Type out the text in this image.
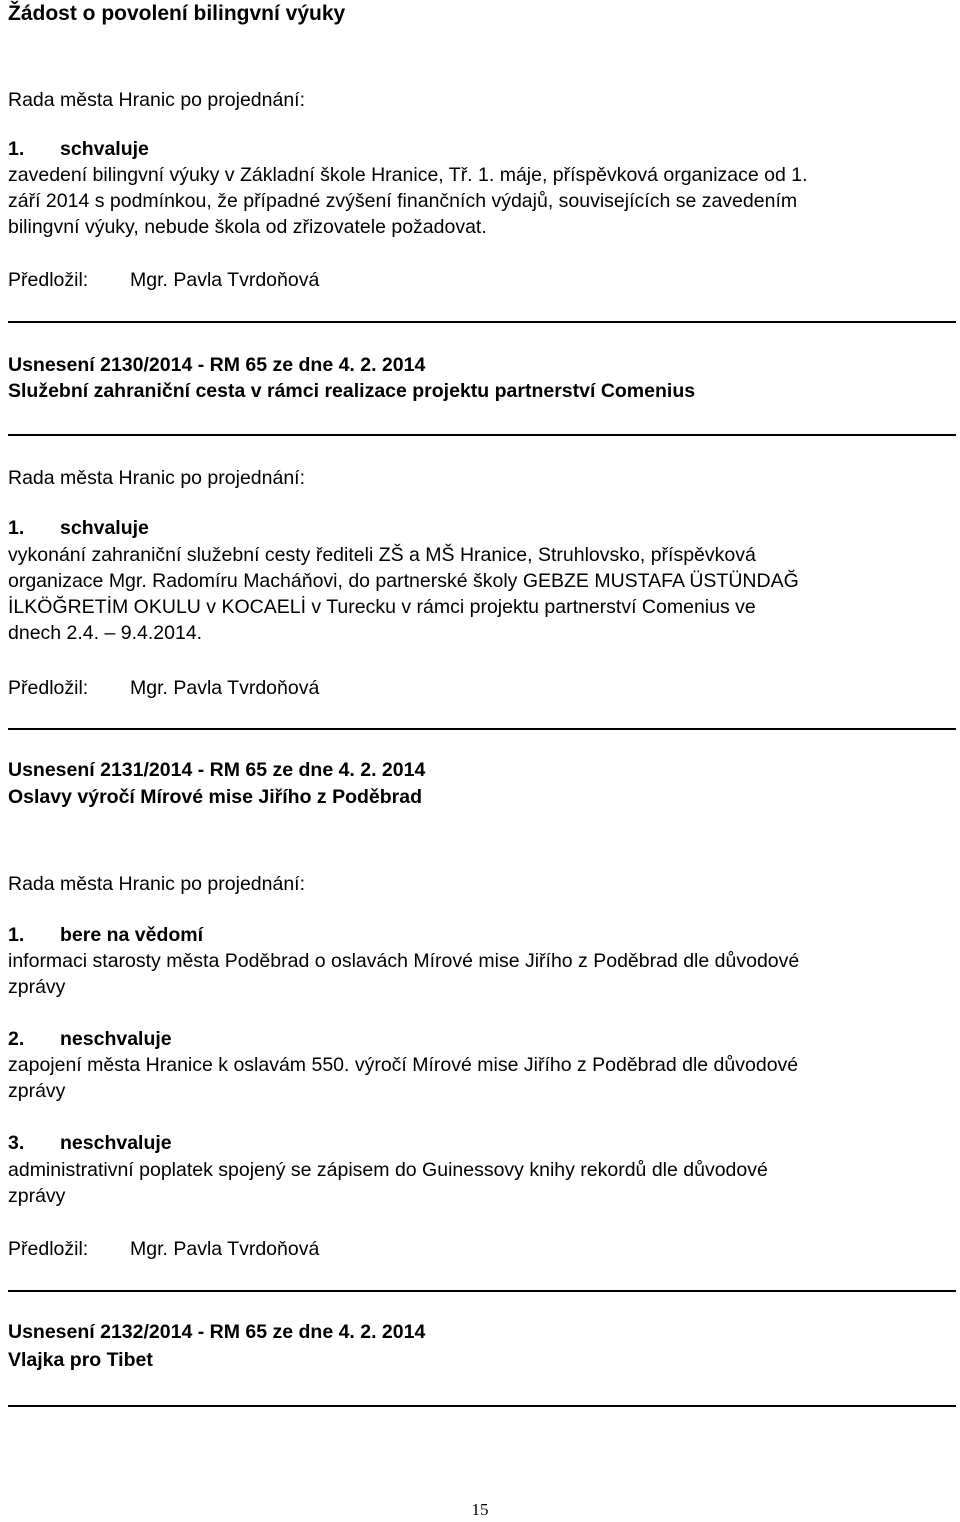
Žádost o povolení bilingvní výuky
Rada města Hranic po projednání:
1. schvaluje
zavedení bilingvní výuky v Základní škole Hranice, Tř. 1. máje, příspěvková organizace od 1.
září 2014 s podmínkou, že případné zvýšení finančních výdajů, souvisejících se zavedením
bilingvní výuky, nebude škola od zřizovatele požadovat.
Předložil: Mgr. Pavla Tvrdoňová
Usnesení 2130/2014 - RM 65 ze dne 4. 2. 2014
Služební zahraniční cesta v rámci realizace projektu partnerství Comenius
Rada města Hranic po projednání:
1. schvaluje
vykonání zahraniční služební cesty řediteli ZŠ a MŠ Hranice, Struhlovsko, příspěvková
organizace Mgr. Radomíru Macháňovi, do partnerské školy GEBZE MUSTAFA ÜSTÜNDAĞ
İLKÖĞRETİM OKULU v KOCAELİ v Turecku v rámci projektu partnerství Comenius ve
dnech 2.4. – 9.4.2014.
Předložil: Mgr. Pavla Tvrdoňová
Usnesení 2131/2014 - RM 65 ze dne 4. 2. 2014
Oslavy výročí Mírové mise Jiřího z Poděbrad
Rada města Hranic po projednání:
1. bere na vědomí
informaci starosty města Poděbrad o oslavách Mírové mise Jiřího z Poděbrad dle důvodové
zprávy
2. neschvaluje
zapojení města Hranice k oslavám 550. výročí Mírové mise Jiřího z Poděbrad dle důvodové
zprávy
3. neschvaluje
administrativní poplatek spojený se zápisem do Guinessovy knihy rekordů dle důvodové
zprávy
Předložil: Mgr. Pavla Tvrdoňová
Usnesení 2132/2014 - RM 65 ze dne 4. 2. 2014
Vlajka pro Tibet
15
